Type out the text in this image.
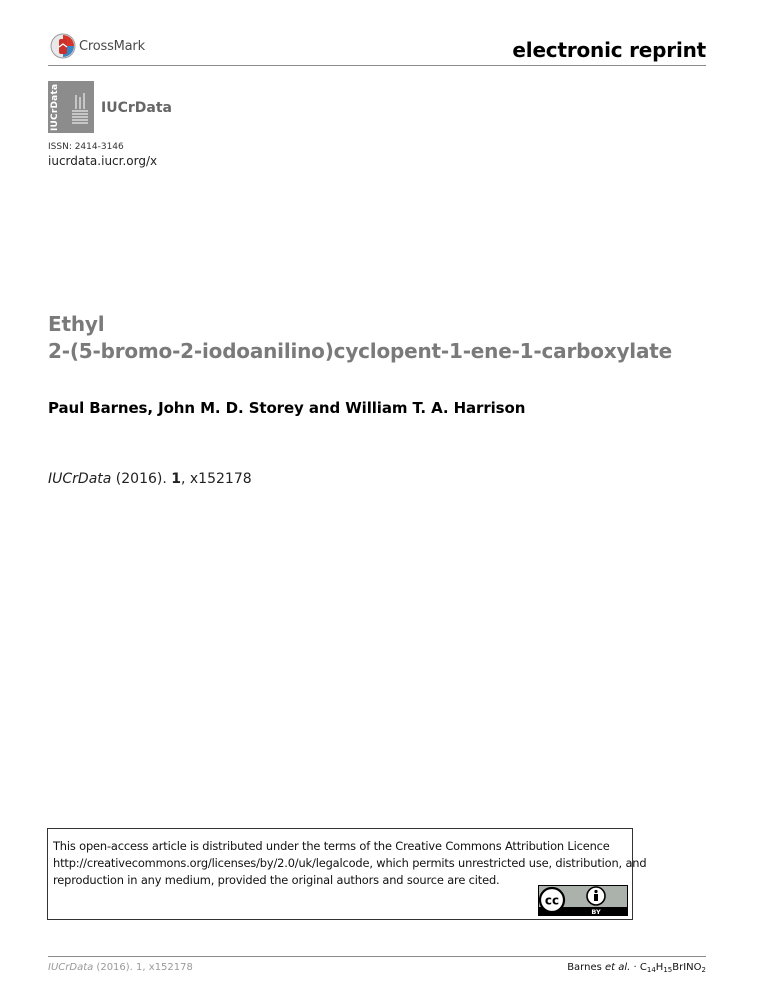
CrossMark	electronic reprint
IUCrData	IUCrData
ISSN: 2414-3146
iucrdata.iucr.org/x
Ethyl
2-(5-bromo-2-iodoanilino)cyclopent-1-ene-1-carboxylate
Paul Barnes, John M. D. Storey and William T. A. Harrison
IUCrData (2016). 1, x152178
This open-access article is distributed under the terms of the Creative Commons Attribution Licence
http://creativecommons.org/licenses/by/2.0/uk/legalcode, which permits unrestricted use, distribution, and
reproduction in any medium, provided the original authors and source are cited.
cc
BY
IUCrData (2016). 1, x152178	Barnes et al. · $C_{14}H_{15}BrINO_2$
